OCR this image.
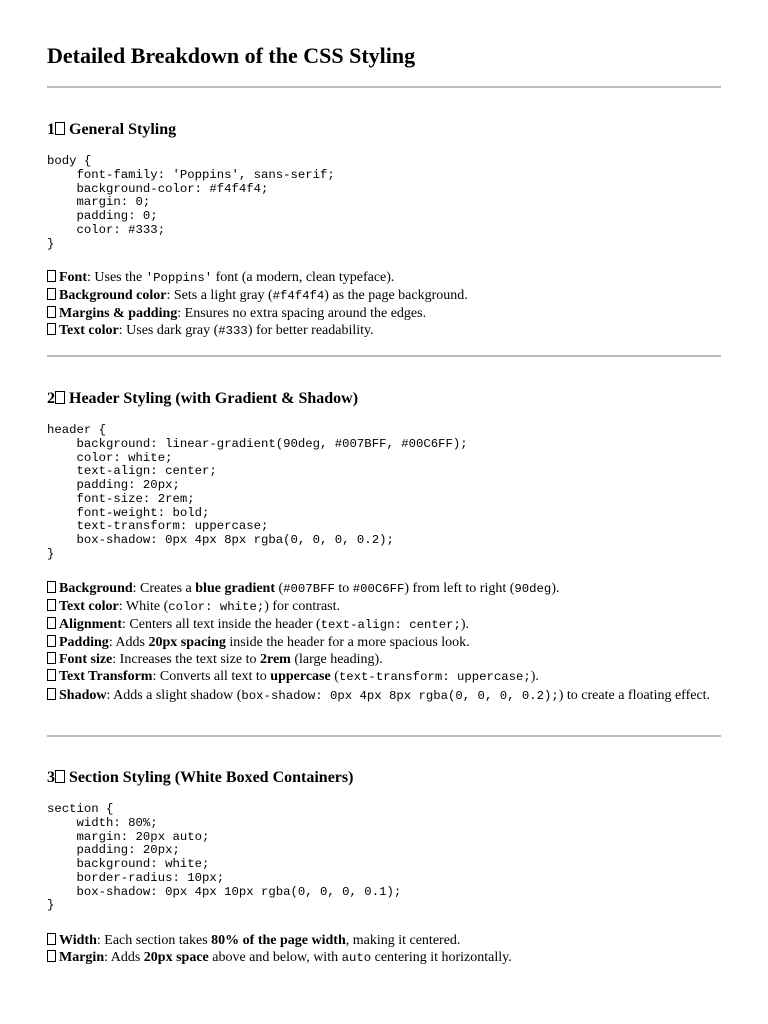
Detailed Breakdown of the CSS Styling
1 General Styling
body {
font-family: 'Poppins', sans-serif;
background-color: #f4f4f4;
margin: 0;
padding: 0;
color: #333;
}
Font: Uses the 'Poppins' font (a modern, clean typeface).
Background color: Sets a light gray (#f4f4f4) as the page background.
Margins & padding: Ensures no extra spacing around the edges.
Text color: Uses dark gray (#333) for better readability.
2 Header Styling (with Gradient & Shadow)
header {
background: linear-gradient(90deg, #007BFF, #00C6FF);
color: white;
text-align: center;
padding: 20px;
font-size: 2rem;
font-weight: bold;
text-transform: uppercase;
box-shadow: 0px 4px 8px rgba(0, 0, 0, 0.2);
}
Background: Creates a blue gradient (#007BFF to #00C6FF) from left to right (90deg).
Text color: White (color: white;) for contrast.
Alignment: Centers all text inside the header (text-align: center;).
Padding: Adds 20px spacing inside the header for a more spacious look.
Font size: Increases the text size to 2rem (large heading).
Text Transform: Converts all text to uppercase (text-transform: uppercase;).
Shadow: Adds a slight shadow (box-shadow: 0px 4px 8px rgba(0, 0, 0, 0.2);) to create a floating effect.
3 Section Styling (White Boxed Containers)
section {
width: 80%;
margin: 20px auto;
padding: 20px;
background: white;
border-radius: 10px;
box-shadow: 0px 4px 10px rgba(0, 0, 0, 0.1);
}
Width: Each section takes 80% of the page width, making it centered.
Margin: Adds 20px space above and below, with auto centering it horizontally.
